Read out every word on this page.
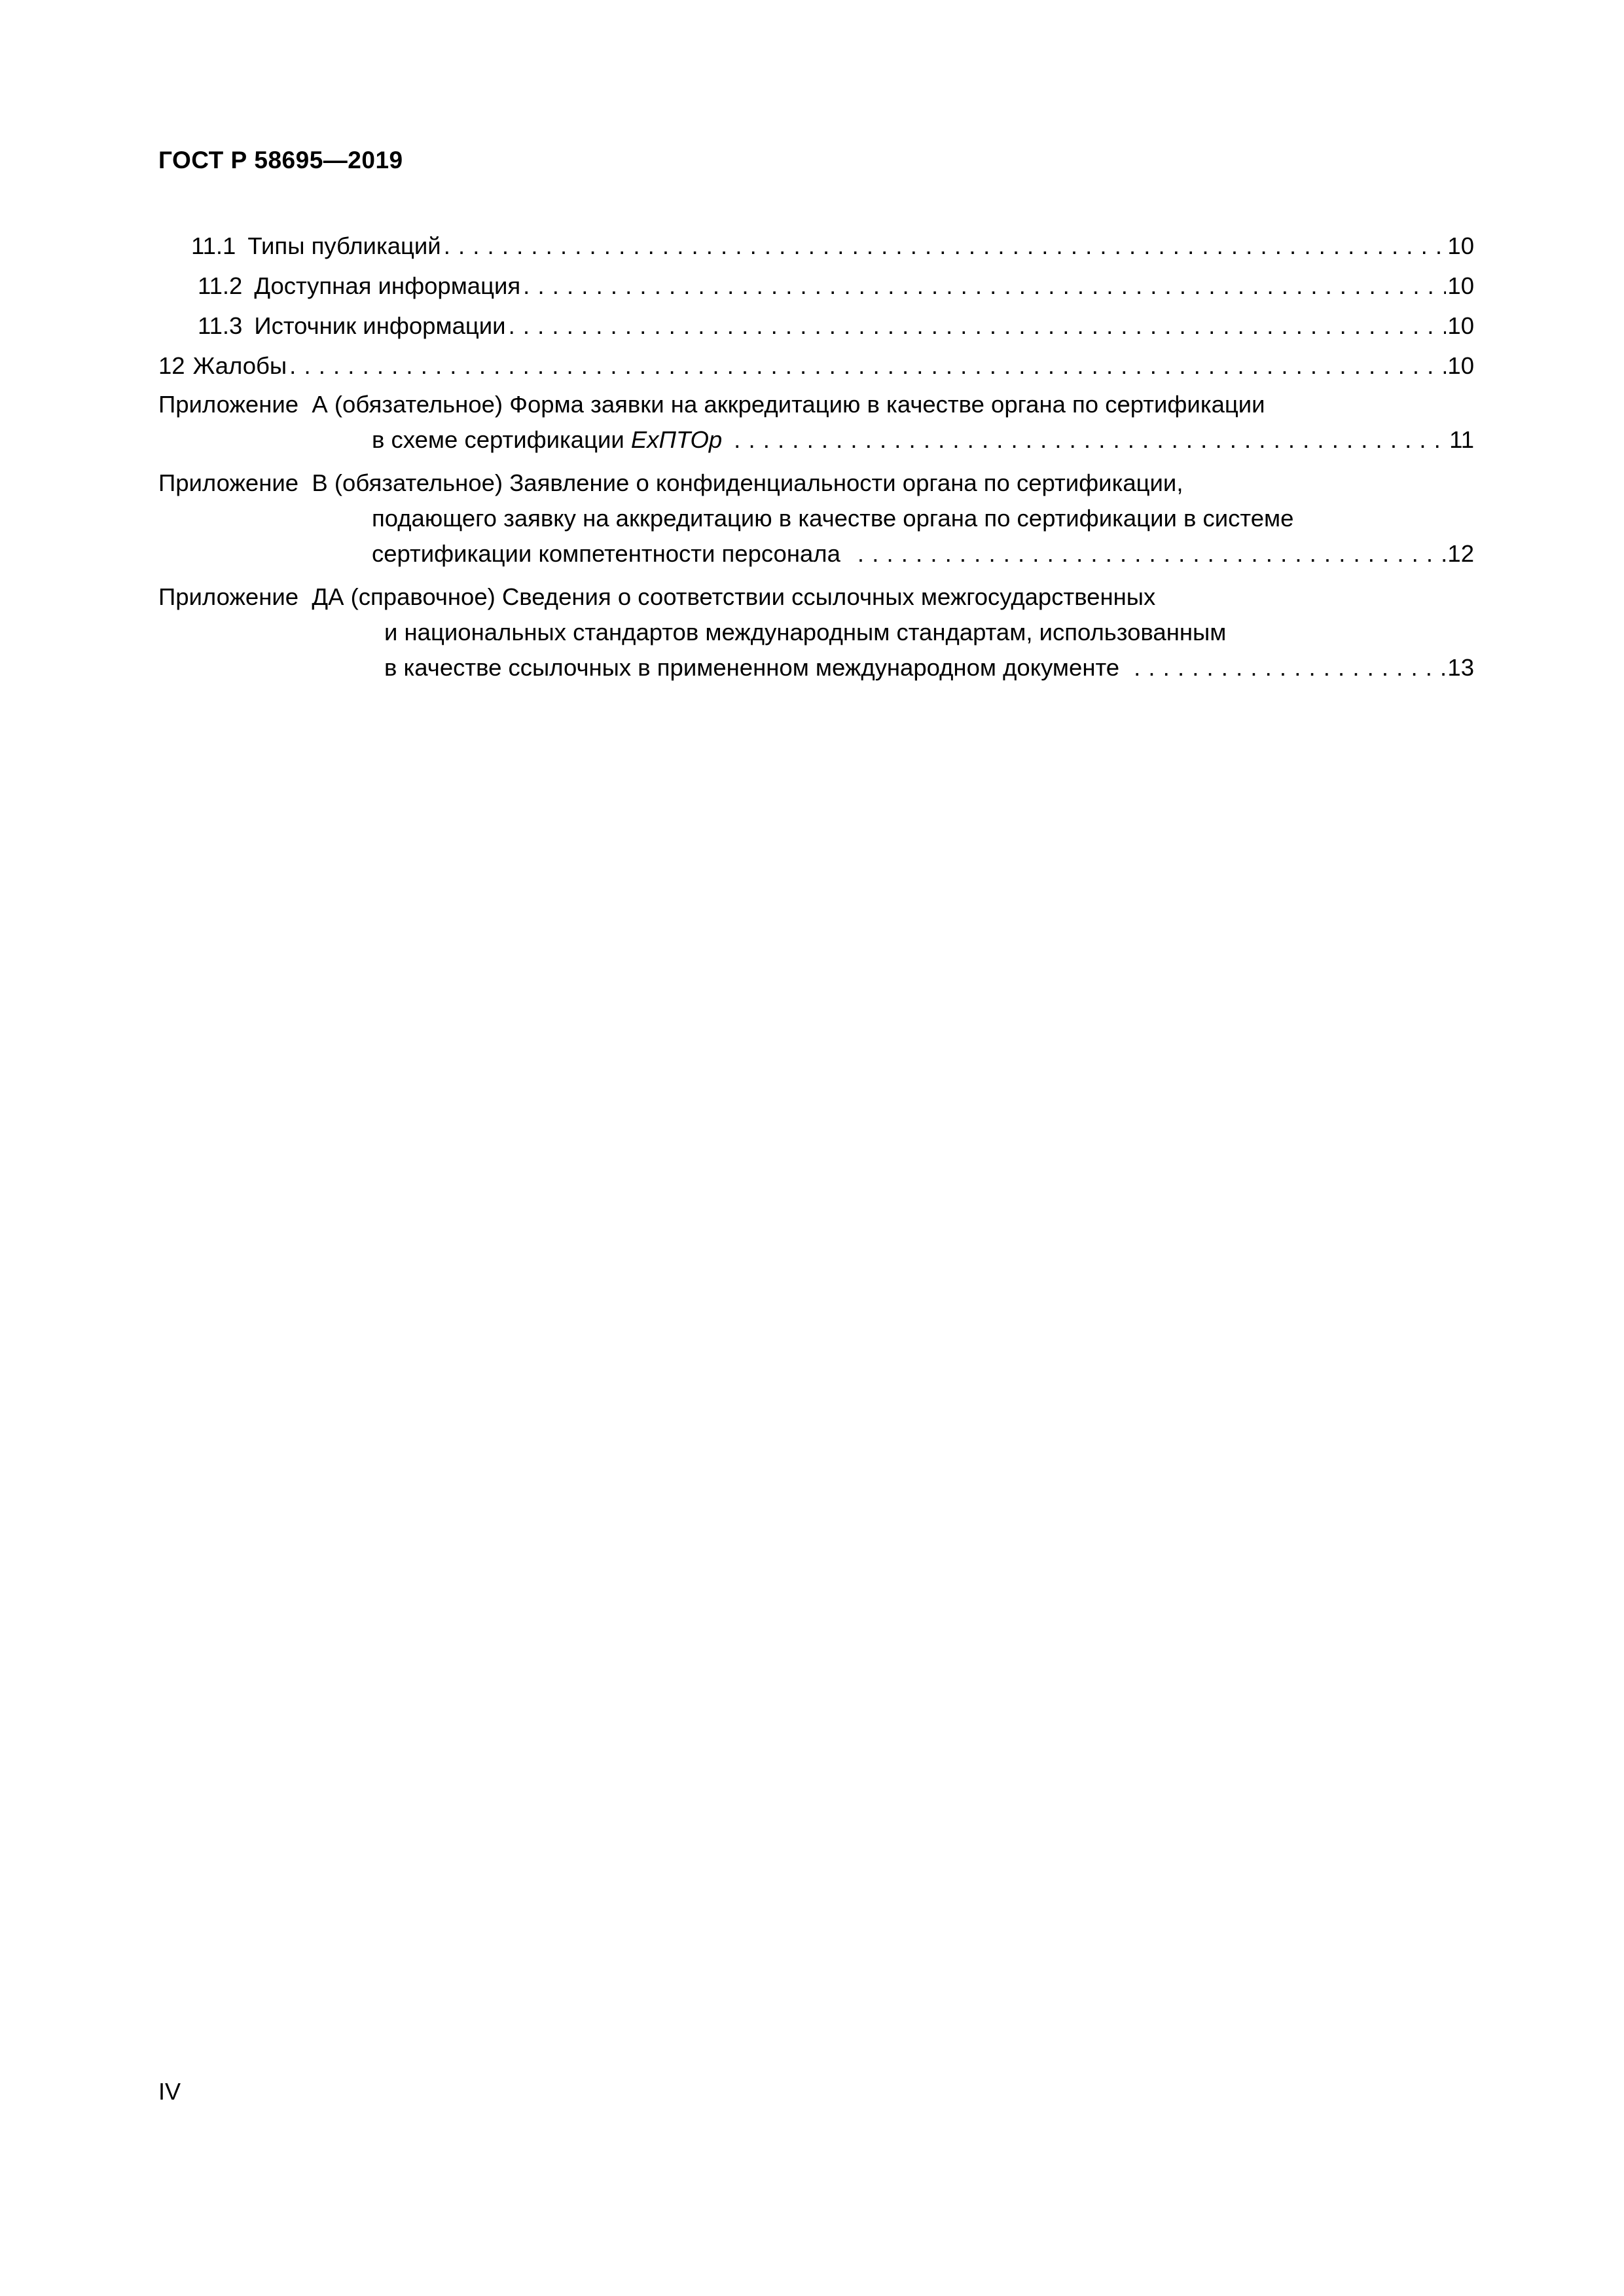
ГОСТ Р 58695—2019
11.1 Типы публикаций . . .	10
11.2 Доступная информация . . .	10
11.3 Источник информации . . .	10
12 Жалобы . . .	10
Приложение А (обязательное) Форма заявки на аккредитацию в качестве органа по сертификации
в схеме сертификации ExПТОр . . .	11
Приложение В (обязательное) Заявление о конфиденциальности органа по сертификации,
подающего заявку на аккредитацию в качестве органа по сертификации в системе
сертификации компетентности персонала . . .	12
Приложение ДА (справочное) Сведения о соответствии ссылочных межгосударственных
и национальных стандартов международным стандартам, использованным
в качестве ссылочных в примененном международном документе . . .	13
IV
